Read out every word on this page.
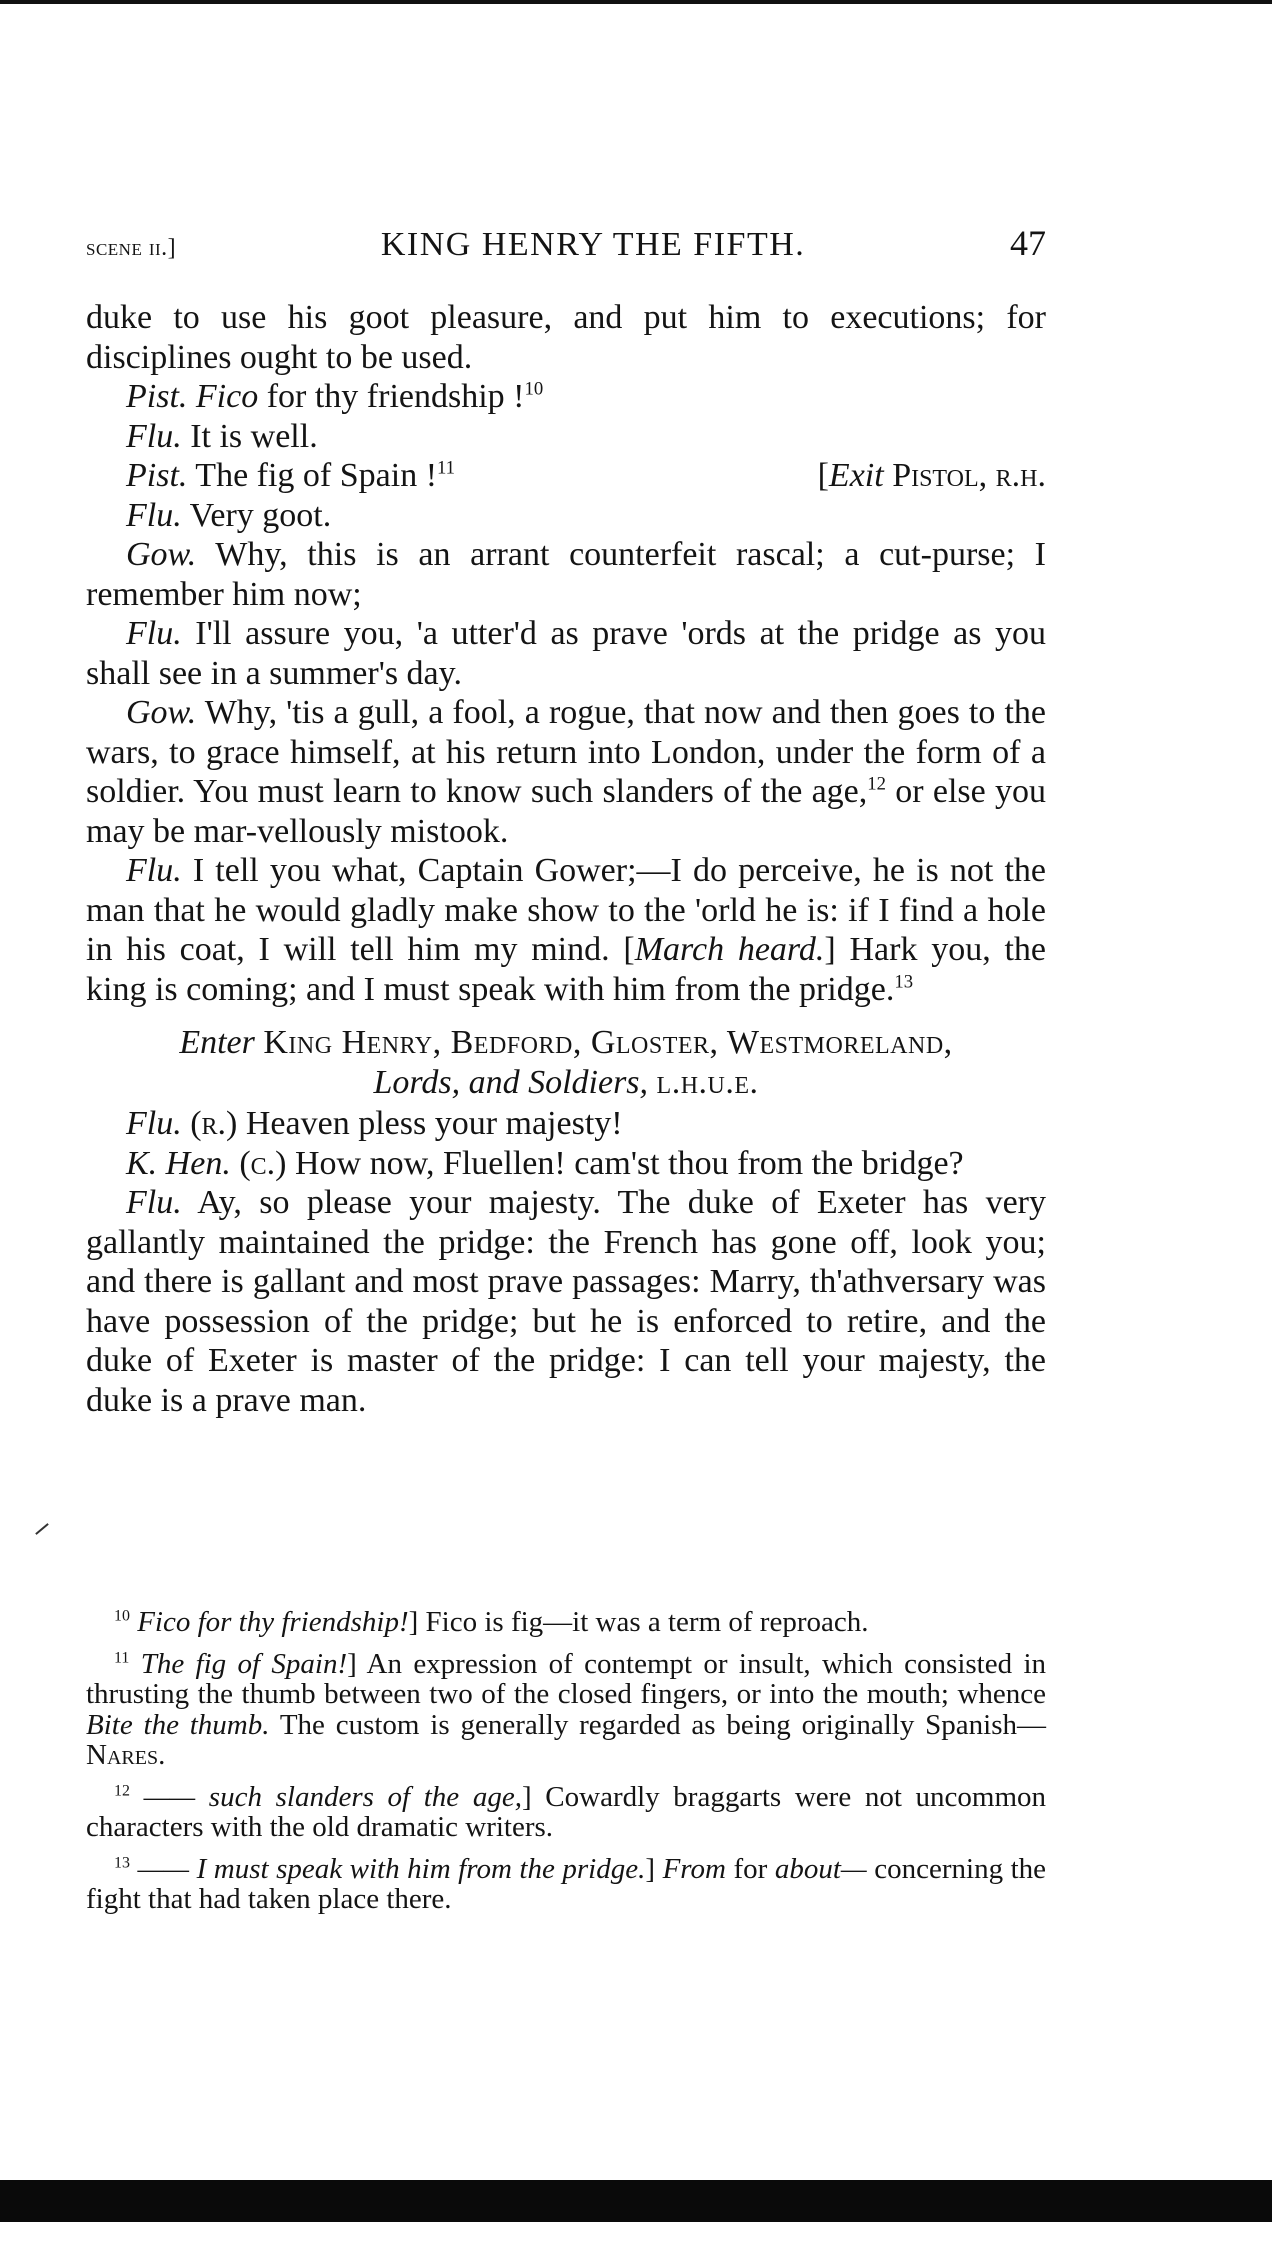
scene ii.]	KING HENRY THE FIFTH.	47

duke to use his goot pleasure, and put him to executions; for disciplines ought to be used.

Pist. Fico for thy friendship !$^{10}$

Flu. It is well.

Pist. The fig of Spain !$^{11}$	[Exit Pistol, r.h.

Flu. Very goot.

Gow. Why, this is an arrant counterfeit rascal; a cut-purse; I remember him now;

Flu. I'll assure you, 'a utter'd as prave 'ords at the pridge as you shall see in a summer's day.

Gow. Why, 'tis a gull, a fool, a rogue, that now and then goes to the wars, to grace himself, at his return into London, under the form of a soldier. You must learn to know such slanders of the age,$^{12}$ or else you may be mar-vellously mistook.

Flu. I tell you what, Captain Gower;—I do perceive, he is not the man that he would gladly make show to the 'orld he is: if I find a hole in his coat, I will tell him my mind. [March heard.] Hark you, the king is coming; and I must speak with him from the pridge.$^{13}$

Enter King Henry, Bedford, Gloster, Westmoreland,
Lords, and Soldiers, l.h.u.e.

Flu. (r.) Heaven pless your majesty!

K. Hen. (c.) How now, Fluellen! cam'st thou from the bridge?

Flu. Ay, so please your majesty. The duke of Exeter has very gallantly maintained the pridge: the French has gone off, look you; and there is gallant and most prave passages: Marry, th'athversary was have possession of the pridge; but he is enforced to retire, and the duke of Exeter is master of the pridge: I can tell your majesty, the duke is a prave man.

$^{10}$ Fico for thy friendship!] Fico is fig—it was a term of reproach.

$^{11}$ The fig of Spain!] An expression of contempt or insult, which consisted in thrusting the thumb between two of the closed fingers, or into the mouth; whence Bite the thumb. The custom is generally regarded as being originally Spanish—Nares.

$^{12}$ —— such slanders of the age,] Cowardly braggarts were not uncommon characters with the old dramatic writers.

$^{13}$ —— I must speak with him from the pridge.] From for about— concerning the fight that had taken place there.
